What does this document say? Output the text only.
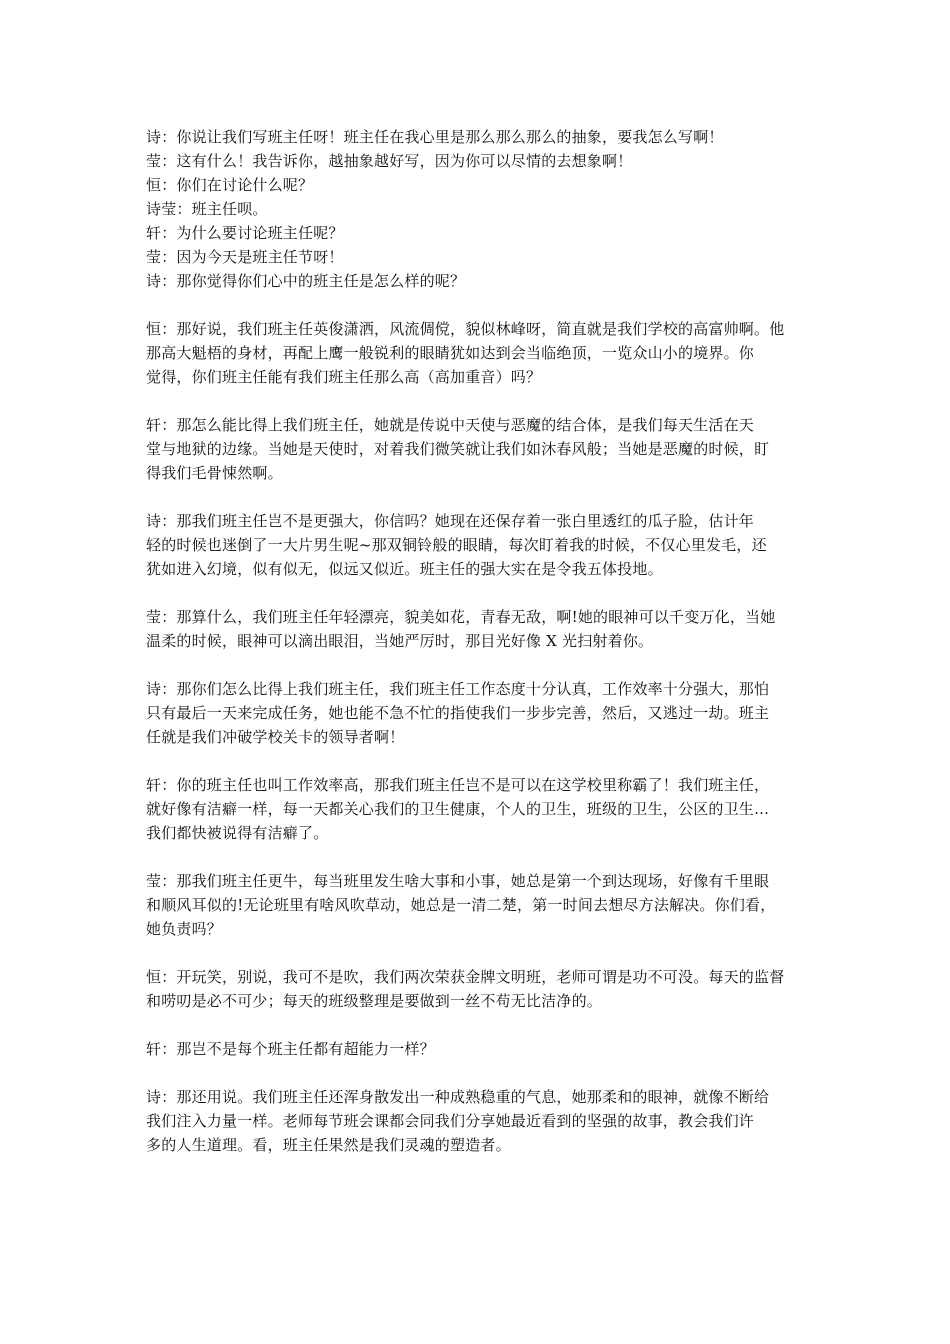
诗：你说让我们写班主任呀！班主任在我心里是那么那么那么的抽象，要我怎么写啊！
莹：这有什么！我告诉你，越抽象越好写，因为你可以尽情的去想象啊！
恒：你们在讨论什么呢？
诗莹：班主任呗。
轩：为什么要讨论班主任呢？
莹：因为今天是班主任节呀！
诗：那你觉得你们心中的班主任是怎么样的呢？
恒：那好说，我们班主任英俊潇洒，风流倜傥，貌似林峰呀，简直就是我们学校的高富帅啊。他
那高大魁梧的身材，再配上鹰一般锐利的眼睛犹如达到会当临绝顶，一览众山小的境界。你
觉得，你们班主任能有我们班主任那么高（高加重音）吗？
轩：那怎么能比得上我们班主任，她就是传说中天使与恶魔的结合体，是我们每天生活在天
堂与地狱的边缘。当她是天使时，对着我们微笑就让我们如沐春风般；当她是恶魔的时候，盯
得我们毛骨悚然啊。
诗：那我们班主任岂不是更强大，你信吗？她现在还保存着一张白里透红的瓜子脸，估计年
轻的时候也迷倒了一大片男生呢~那双铜铃般的眼睛，每次盯着我的时候，不仅心里发毛，还
犹如进入幻境，似有似无，似远又似近。班主任的强大实在是令我五体投地。
莹：那算什么，我们班主任年轻漂亮，貌美如花，青春无敌，啊!她的眼神可以千变万化，当她
温柔的时候，眼神可以滴出眼泪，当她严厉时，那目光好像 X 光扫射着你。
诗：那你们怎么比得上我们班主任，我们班主任工作态度十分认真，工作效率十分强大，那怕
只有最后一天来完成任务，她也能不急不忙的指使我们一步步完善，然后，又逃过一劫。班主
任就是我们冲破学校关卡的领导者啊！
轩：你的班主任也叫工作效率高，那我们班主任岂不是可以在这学校里称霸了！我们班主任，
就好像有洁癖一样，每一天都关心我们的卫生健康，个人的卫生，班级的卫生，公区的卫生…
我们都快被说得有洁癖了。
莹：那我们班主任更牛，每当班里发生啥大事和小事，她总是第一个到达现场，好像有千里眼
和顺风耳似的!无论班里有啥风吹草动，她总是一清二楚，第一时间去想尽方法解决。你们看，
她负责吗？
恒：开玩笑，别说，我可不是吹，我们两次荣获金牌文明班，老师可谓是功不可没。每天的监督
和唠叨是必不可少；每天的班级整理是要做到一丝不苟无比洁净的。
轩：那岂不是每个班主任都有超能力一样？
诗：那还用说。我们班主任还浑身散发出一种成熟稳重的气息，她那柔和的眼神，就像不断给
我们注入力量一样。老师每节班会课都会同我们分享她最近看到的坚强的故事，教会我们许
多的人生道理。看，班主任果然是我们灵魂的塑造者。
